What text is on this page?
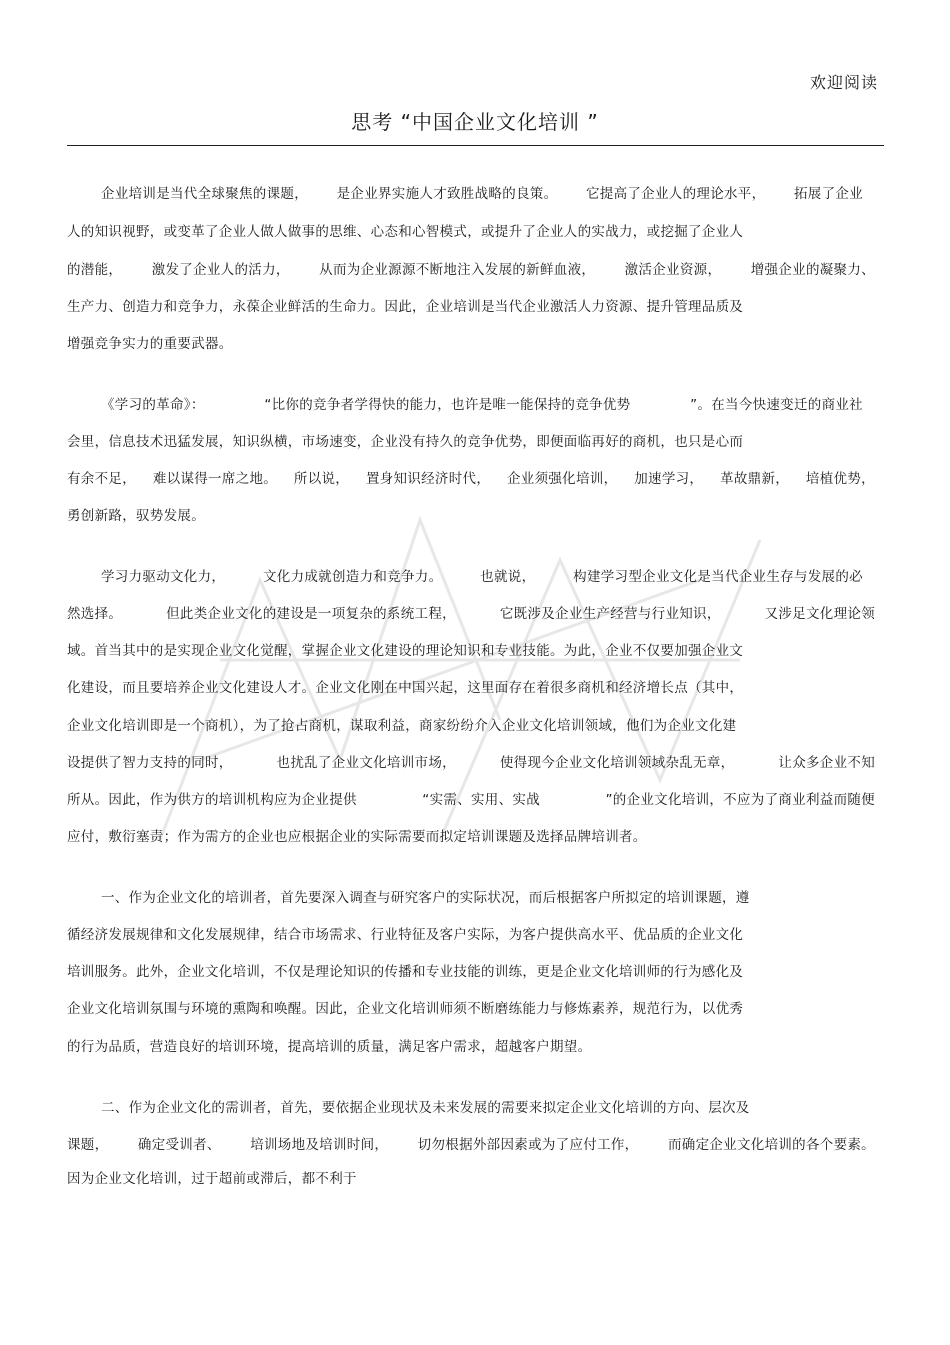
欢迎阅读
思考 “中国企业文化培训 ”
企业培训是当代全球聚焦的课题， 是企业界实施人才致胜战略的良策。 它提高了企业人的理论水平， 拓展了企业
人的知识视野，或变革了企业人做人做事的思维、心态和心智模式，或提升了企业人的实战力，或挖掘了企业人
的潜能， 激发了企业人的活力， 从而为企业源源不断地注入发展的新鲜血液， 激活企业资源， 增强企业的凝聚力、
生产力、创造力和竞争力，永葆企业鲜活的生命力。因此，企业培训是当代企业激活人力资源、提升管理品质及
增强竞争实力的重要武器。
《学习的革命》：	“比你的竞争者学得快的能力，也许是唯一能保持的竞争优势	”。在当今快速变迁的商业社
会里，信息技术迅猛发展，知识纵横，市场速变，企业没有持久的竞争优势，即便面临再好的商机，也只是心而
有余不足， 难以谋得一席之地。 所以说， 置身知识经济时代， 企业须强化培训， 加速学习， 革故鼎新， 培植优势，
勇创新路，驭势发展。
学习力驱动文化力，	文化力成就创造力和竞争力。	也就说，	构建学习型企业文化是当代企业生存与发展的必
然选择。	但此类企业文化的建设是一项复杂的系统工程，	它既涉及企业生产经营与行业知识，	又涉足文化理论领
域。首当其中的是实现企业文化觉醒，掌握企业文化建设的理论知识和专业技能。为此，企业不仅要加强企业文
化建设，而且要培养企业文化建设人才。企业文化刚在中国兴起，这里面存在着很多商机和经济增长点（其中，
企业文化培训即是一个商机），为了抢占商机，谋取利益，商家纷纷介入企业文化培训领域，他们为企业文化建
设提供了智力支持的同时，	也扰乱了企业文化培训市场，	使得现今企业文化培训领域杂乱无章，	让众多企业不知
所从。因此，作为供方的培训机构应为企业提供	“实需、实用、实战	”的企业文化培训，不应为了商业利益而随便
应付，敷衍塞责；作为需方的企业也应根据企业的实际需要而拟定培训课题及选择品牌培训者。
一、作为企业文化的培训者，首先要深入调查与研究客户的实际状况，而后根据客户所拟定的培训课题，遵
循经济发展规律和文化发展规律，结合市场需求、行业特征及客户实际，为客户提供高水平、优品质的企业文化
培训服务。此外，企业文化培训，不仅是理论知识的传播和专业技能的训练，更是企业文化培训师的行为感化及
企业文化培训氛围与环境的熏陶和唤醒。因此，企业文化培训师须不断磨练能力与修炼素养，规范行为，以优秀
的行为品质，营造良好的培训环境，提高培训的质量，满足客户需求，超越客户期望。
二、作为企业文化的需训者，首先，要依据企业现状及未来发展的需要来拟定企业文化培训的方向、层次及
课题， 确定受训者、 培训场地及培训时间， 切勿根据外部因素或为了应付工作， 而确定企业文化培训的各个要素。
因为企业文化培训，过于超前或滞后，都不利于
